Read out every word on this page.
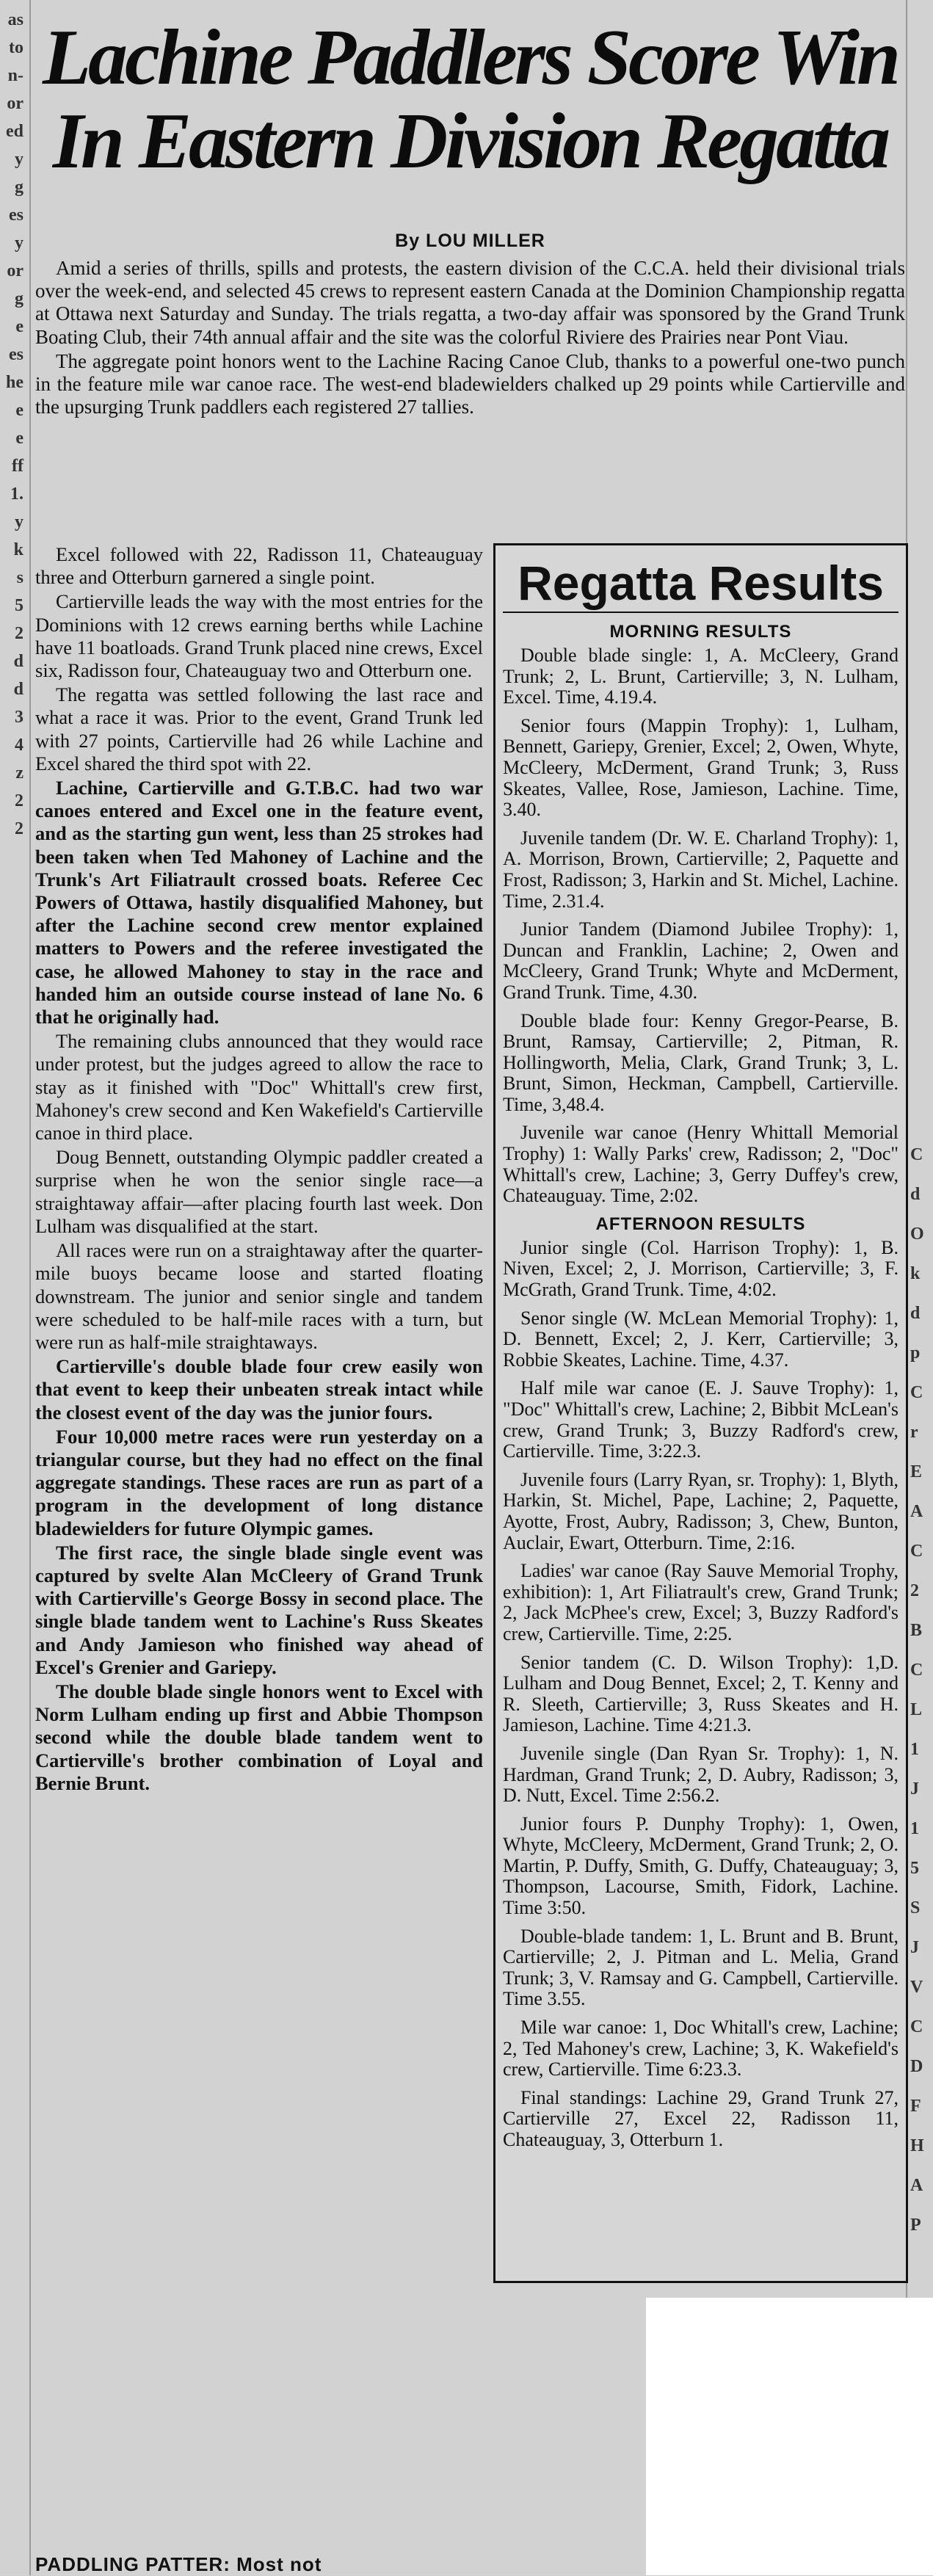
as
to
n-
or
ed
y
g
es
y
or
g
e
es
he
e
e
ff
1.
y
k
s
5
2
d
d
3
4
z
2
2
C
d
O
k
d
p
C
r
E
A
C
2
B
C
L
1
J
1
5
S
J
V
C
D
F
H
A
P
Lachine Paddlers Score Win
In Eastern Division Regatta
By LOU MILLER

Amid a series of thrills, spills and protests, the eastern division of the C.C.A. held their divisional trials over the week-end, and selected 45 crews to represent eastern Canada at the Dominion Championship regatta at Ottawa next Saturday and Sunday. The trials regatta, a two-day affair was sponsored by the Grand Trunk Boating Club, their 74th annual affair and the site was the colorful Riviere des Prairies near Pont Viau.

The aggregate point honors went to the Lachine Racing Canoe Club, thanks to a powerful one-two punch in the feature mile war canoe race. The west-end bladewielders chalked up 29 points while Cartierville and the upsurging Trunk paddlers each registered 27 tallies.

Excel followed with 22, Radisson 11, Chateauguay three and Otterburn garnered a single point.

Cartierville leads the way with the most entries for the Dominions with 12 crews earning berths while Lachine have 11 boatloads. Grand Trunk placed nine crews, Excel six, Radisson four, Chateauguay two and Otterburn one.

The regatta was settled following the last race and what a race it was. Prior to the event, Grand Trunk led with 27 points, Cartierville had 26 while Lachine and Excel shared the third spot with 22.

Lachine, Cartierville and G.T.B.C. had two war canoes entered and Excel one in the feature event, and as the starting gun went, less than 25 strokes had been taken when Ted Mahoney of Lachine and the Trunk's Art Filiatrault crossed boats. Referee Cec Powers of Ottawa, hastily disqualified Mahoney, but after the Lachine second crew mentor explained matters to Powers and the referee investigated the case, he allowed Mahoney to stay in the race and handed him an outside course instead of lane No. 6 that he originally had.

The remaining clubs announced that they would race under protest, but the judges agreed to allow the race to stay as it finished with "Doc" Whittall's crew first, Mahoney's crew second and Ken Wakefield's Cartierville canoe in third place.

Doug Bennett, outstanding Olympic paddler created a surprise when he won the senior single race—a straightaway affair—after placing fourth last week. Don Lulham was disqualified at the start.

All races were run on a straightaway after the quarter-mile buoys became loose and started floating downstream. The junior and senior single and tandem were scheduled to be half-mile races with a turn, but were run as half-mile straightaways.

Cartierville's double blade four crew easily won that event to keep their unbeaten streak intact while the closest event of the day was the junior fours.

Four 10,000 metre races were run yesterday on a triangular course, but they had no effect on the final aggregate standings. These races are run as part of a program in the development of long distance bladewielders for future Olympic games.

The first race, the single blade single event was captured by svelte Alan McCleery of Grand Trunk with Cartierville's George Bossy in second place. The single blade tandem went to Lachine's Russ Skeates and Andy Jamieson who finished way ahead of Excel's Grenier and Gariepy.

The double blade single honors went to Excel with Norm Lulham ending up first and Abbie Thompson second while the double blade tandem went to Cartierville's brother combination of Loyal and Bernie Brunt.

Regatta Results
MORNING RESULTS

Double blade single: 1, A. McCleery, Grand Trunk; 2, L. Brunt, Cartierville; 3, N. Lulham, Excel. Time, 4.19.4.

Senior fours (Mappin Trophy): 1, Lulham, Bennett, Gariepy, Grenier, Excel; 2, Owen, Whyte, McCleery, McDerment, Grand Trunk; 3, Russ Skeates, Vallee, Rose, Jamieson, Lachine. Time, 3.40.

Juvenile tandem (Dr. W. E. Charland Trophy): 1, A. Morrison, Brown, Cartierville; 2, Paquette and Frost, Radisson; 3, Harkin and St. Michel, Lachine. Time, 2.31.4.

Junior Tandem (Diamond Jubilee Trophy): 1, Duncan and Franklin, Lachine; 2, Owen and McCleery, Grand Trunk; Whyte and McDerment, Grand Trunk. Time, 4.30.

Double blade four: Kenny Gregor-Pearse, B. Brunt, Ramsay, Cartierville; 2, Pitman, R. Hollingworth, Melia, Clark, Grand Trunk; 3, L. Brunt, Simon, Heckman, Campbell, Cartierville. Time, 3,48.4.

Juvenile war canoe (Henry Whittall Memorial Trophy) 1: Wally Parks' crew, Radisson; 2, "Doc" Whittall's crew, Lachine; 3, Gerry Duffey's crew, Chateauguay. Time, 2:02.

AFTERNOON RESULTS

Junior single (Col. Harrison Trophy): 1, B. Niven, Excel; 2, J. Morrison, Cartierville; 3, F. McGrath, Grand Trunk. Time, 4:02.

Senor single (W. McLean Memorial Trophy): 1, D. Bennett, Excel; 2, J. Kerr, Cartierville; 3, Robbie Skeates, Lachine. Time, 4.37.

Half mile war canoe (E. J. Sauve Trophy): 1, "Doc" Whittall's crew, Lachine; 2, Bibbit McLean's crew, Grand Trunk; 3, Buzzy Radford's crew, Cartierville. Time, 3:22.3.

Juvenile fours (Larry Ryan, sr. Trophy): 1, Blyth, Harkin, St. Michel, Pape, Lachine; 2, Paquette, Ayotte, Frost, Aubry, Radisson; 3, Chew, Bunton, Auclair, Ewart, Otterburn. Time, 2:16.

Ladies' war canoe (Ray Sauve Memorial Trophy, exhibition): 1, Art Filiatrault's crew, Grand Trunk; 2, Jack McPhee's crew, Excel; 3, Buzzy Radford's crew, Cartierville. Time, 2:25.

Senior tandem (C. D. Wilson Trophy): 1,D. Lulham and Doug Bennet, Excel; 2, T. Kenny and R. Sleeth, Cartierville; 3, Russ Skeates and H. Jamieson, Lachine. Time 4:21.3.

Juvenile single (Dan Ryan Sr. Trophy): 1, N. Hardman, Grand Trunk; 2, D. Aubry, Radisson; 3, D. Nutt, Excel. Time 2:56.2.

Junior fours P. Dunphy Trophy): 1, Owen, Whyte, McCleery, McDerment, Grand Trunk; 2, O. Martin, P. Duffy, Smith, G. Duffy, Chateauguay; 3, Thompson, Lacourse, Smith, Fidork, Lachine. Time 3:50.

Double-blade tandem: 1, L. Brunt and B. Brunt, Cartierville; 2, J. Pitman and L. Melia, Grand Trunk; 3, V. Ramsay and G. Campbell, Cartierville. Time 3.55.

Mile war canoe: 1, Doc Whitall's crew, Lachine; 2, Ted Mahoney's crew, Lachine; 3, K. Wakefield's crew, Cartierville. Time 6:23.3.

Final standings: Lachine 29, Grand Trunk 27, Cartierville 27, Excel 22, Radisson 11, Chateauguay, 3, Otterburn 1.

PADDLING PATTER: Most not
